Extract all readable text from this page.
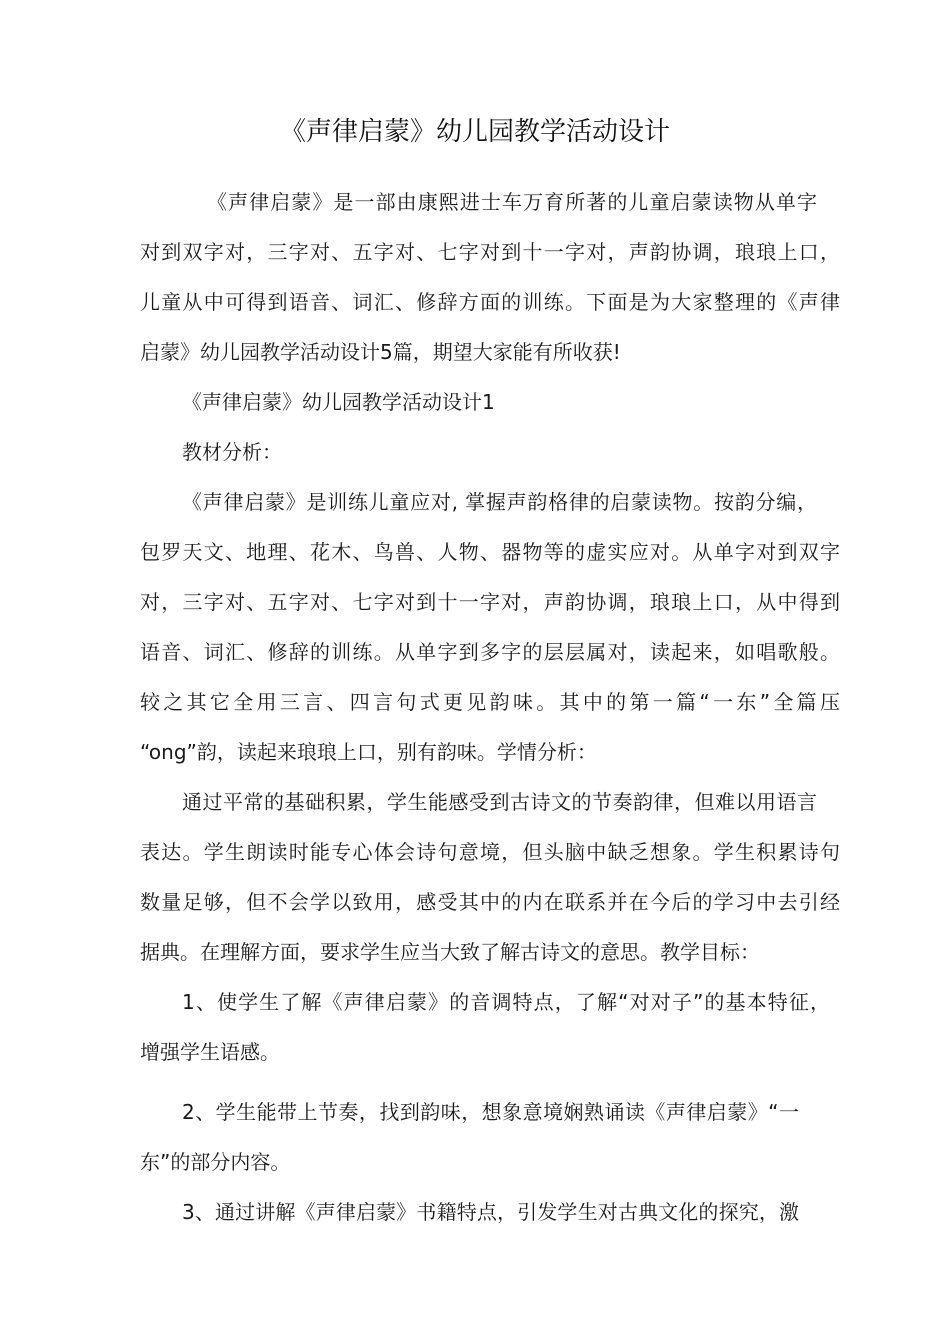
《声律启蒙》幼儿园教学活动设计

《声律启蒙》是一部由康熙进士车万育所著的儿童启蒙读物从单字

对到双字对，三字对、五字对、七字对到十一字对，声韵协调，琅琅上口，

儿童从中可得到语音、词汇、修辞方面的训练。下面是为大家整理的《声律

启蒙》幼儿园教学活动设计5篇，期望大家能有所收获!

《声律启蒙》幼儿园教学活动设计1

教材分析：

《声律启蒙》是训练儿童应对, 掌握声韵格律的启蒙读物。按韵分编，

包罗天文、地理、花木、鸟兽、人物、器物等的虚实应对。从单字对到双字

对，三字对、五字对、七字对到十一字对，声韵协调，琅琅上口，从中得到

语音、词汇、修辞的训练。从单字到多字的层层属对，读起来，如唱歌般。

较之其它全用三言、四言句式更见韵味。其中的第一篇“一东”全篇压

“ong”韵，读起来琅琅上口，别有韵味。学情分析：

通过平常的基础积累，学生能感受到古诗文的节奏韵律，但难以用语言

表达。学生朗读时能专心体会诗句意境，但头脑中缺乏想象。学生积累诗句

数量足够，但不会学以致用，感受其中的内在联系并在今后的学习中去引经

据典。在理解方面，要求学生应当大致了解古诗文的意思。教学目标：

1、使学生了解《声律启蒙》的音调特点，了解“对对子”的基本特征，

增强学生语感。

2、学生能带上节奏，找到韵味，想象意境娴熟诵读《声律启蒙》“一

东”的部分内容。

3、通过讲解《声律启蒙》书籍特点，引发学生对古典文化的探究，激
